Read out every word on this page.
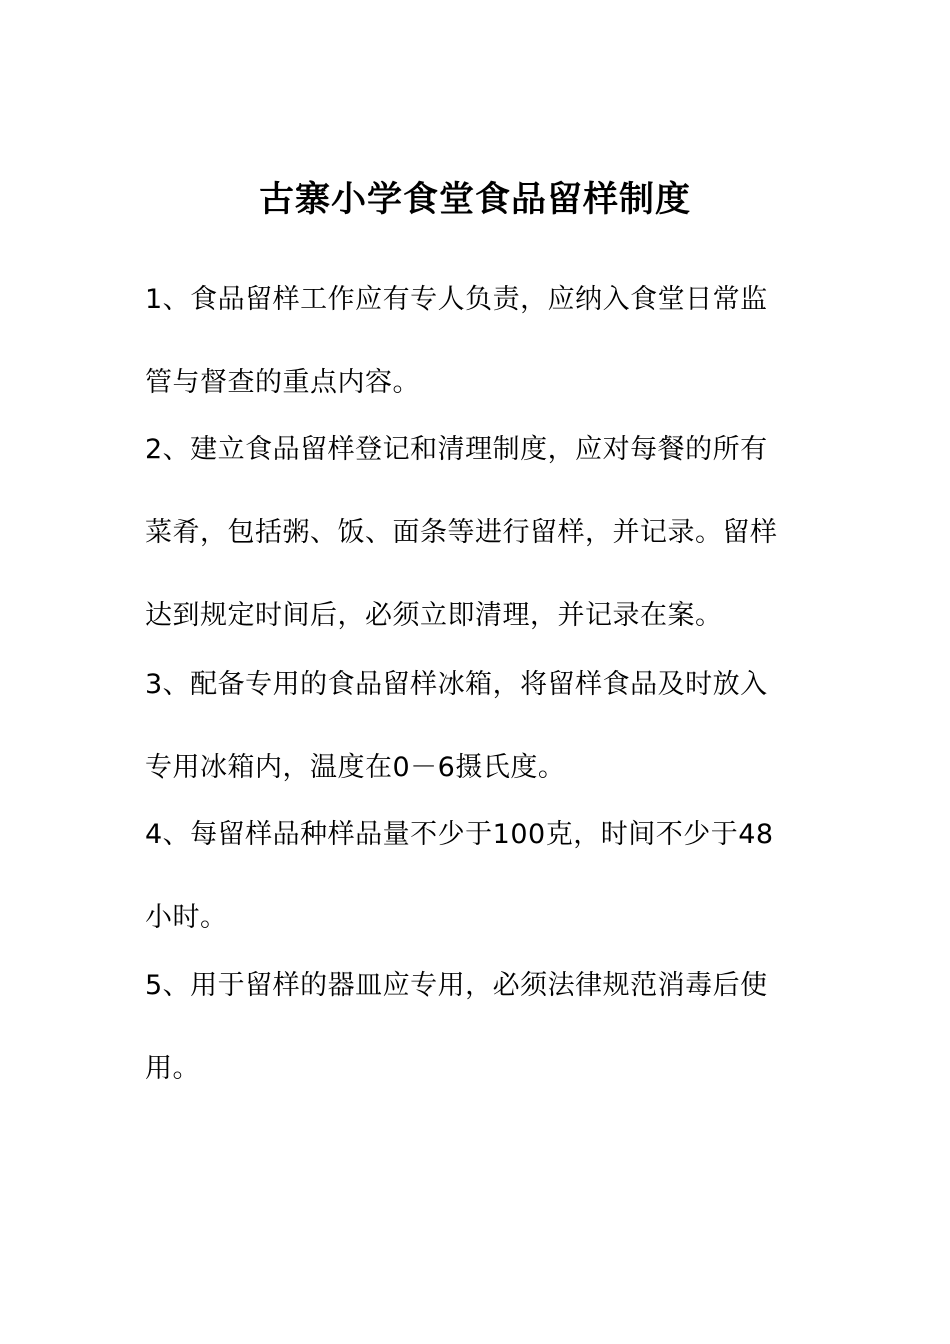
古寨小学食堂食品留样制度

1、食品留样工作应有专人负责，应纳入食堂日常监

管与督查的重点内容。

2、建立食品留样登记和清理制度，应对每餐的所有

菜肴，包括粥、饭、面条等进行留样，并记录。留样

达到规定时间后，必须立即清理，并记录在案。

3、配备专用的食品留样冰箱，将留样食品及时放入

专用冰箱内，温度在0－6摄氏度。

4、每留样品种样品量不少于100克，时间不少于48

小时。

5、用于留样的器皿应专用，必须法律规范消毒后使

用。
